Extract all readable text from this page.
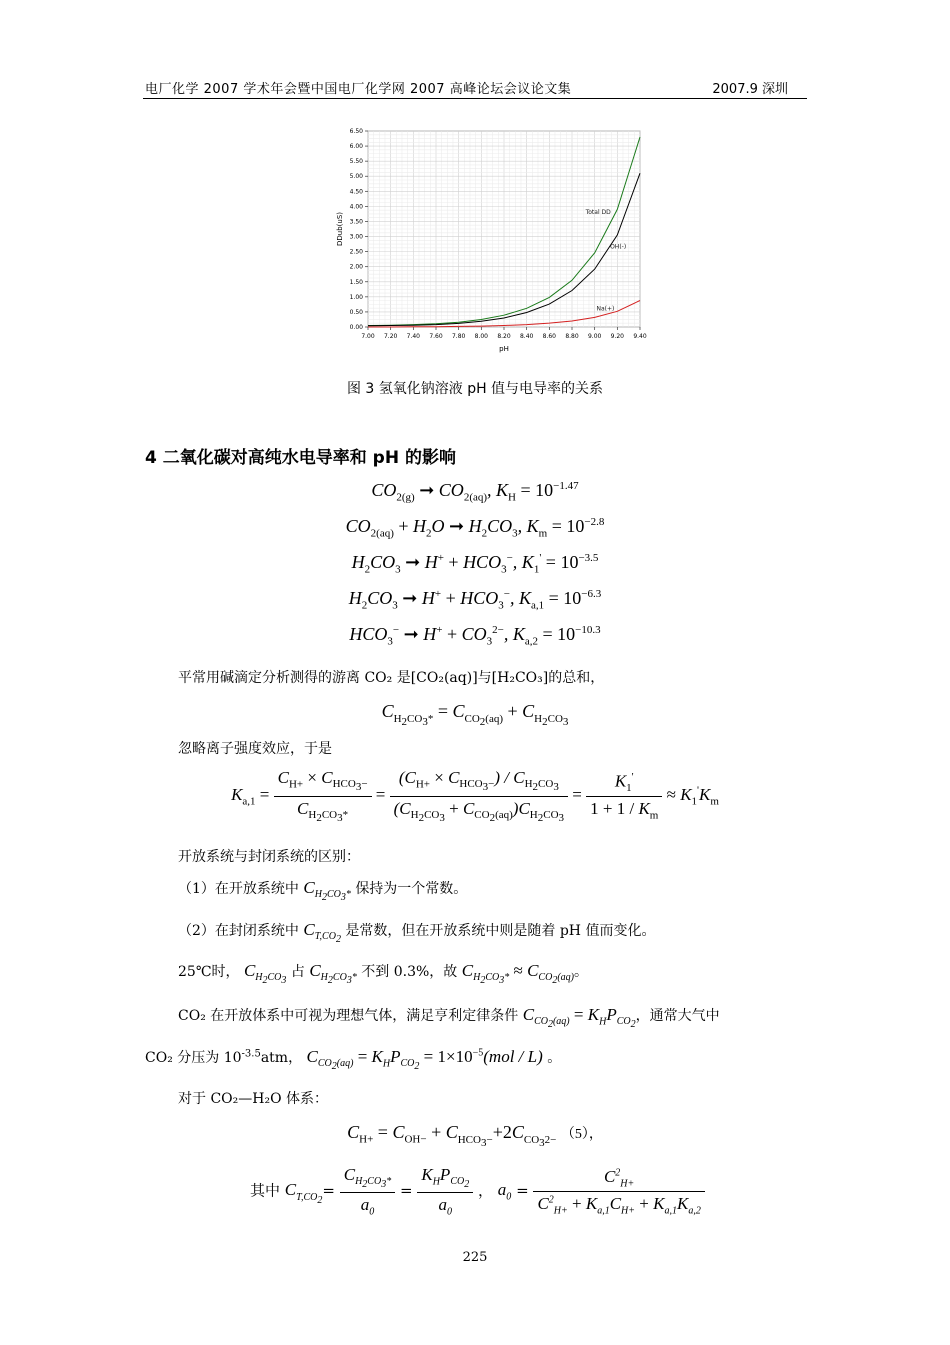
电厂化学 2007 学术年会暨中国电厂化学网 2007 高峰论坛会议论文集	2007.9 深圳
7.00 7.20 7.40 7.60 7.80 8.00 8.20 8.40 8.60 8.80 9.00 9.20 9.40
0.00
0.50
1.00
1.50
2.00
2.50
3.00
3.50
4.00
4.50
5.00
5.50
6.00
6.50
Total DD
OH(-)
Na(+)
DDub(uS)
pH
图 3 氢氧化钠溶液 pH 值与电导率的关系
4 二氧化碳对高纯水电导率和 pH 的影响
$CO_{2(g)}$ ➞ $CO_{2(aq)}$, $K_H = 10^{-1.47}$
$CO_{2(aq)} + H_2O$ ➞ $H_2CO_3$, $K_m = 10^{-2.8}$
$H_2CO_3$ ➞ $H^+ + HCO_3^-$, $K_1' = 10^{-3.5}$
$H_2CO_3$ ➞ $H^+ + HCO_3^-$, $K_{a,1} = 10^{-6.3}$
$HCO_3^-$ ➞ $H^+ + CO_3^{2-}$, $K_{a,2} = 10^{-10.3}$
平常用碱滴定分析测得的游离 CO₂ 是[CO₂(aq)]与[H₂CO₃]的总和，
$C_{H_2CO_3*} = C_{CO_2(aq)} + C_{H_2CO_3}$
忽略离子强度效应，于是
$K_{a,1} = \frac{C_{H+} \times C_{HCO_3-}}{C_{H_2CO_3*}} = \frac{(C_{H+} \times C_{HCO_3-}) / C_{H_2CO_3}}{(C_{H_2CO_3} + C_{CO_2(aq)})C_{H_2CO_3}} = \frac{K_1'}{1 + 1 / K_m} \approx K_1'K_m$
开放系统与封闭系统的区别：
（1）在开放系统中 $C_{H_2CO_3*}$ 保持为一个常数。
（2）在封闭系统中 $C_{T,CO_2}$ 是常数，但在开放系统中则是随着 pH 值而变化。
25℃时， $C_{H_2CO_3}$ 占 $C_{H_2CO_3*}$ 不到 0.3%，故 $C_{H_2CO_3*} \approx C_{CO_2(aq)}$。
CO₂ 在开放体系中可视为理想气体，满足亨利定律条件 $C_{CO_2(aq)} = K_HP_{CO_2}$，通常大气中
CO₂ 分压为 $10^{-3.5}atm$， $C_{CO_2(aq)} = K_HP_{CO_2} = 1\times 10^{-5}(mol / L)$ 。
对于 CO₂—H₂O 体系：
$C_{H+} = C_{OH-} + C_{HCO_3-}+2C_{CO_32-}$ （5），
其中 $C_{T,CO_2}= \frac{C_{H_2CO_3*}}{a_0} = \frac{K_HP_{CO_2}}{a_0}$ ， $a_0 = \frac{C^2_{H+}}{C^2_{H+} + K_{a,1}C_{H+} + K_{a,1}K_{a,2}}$
225
